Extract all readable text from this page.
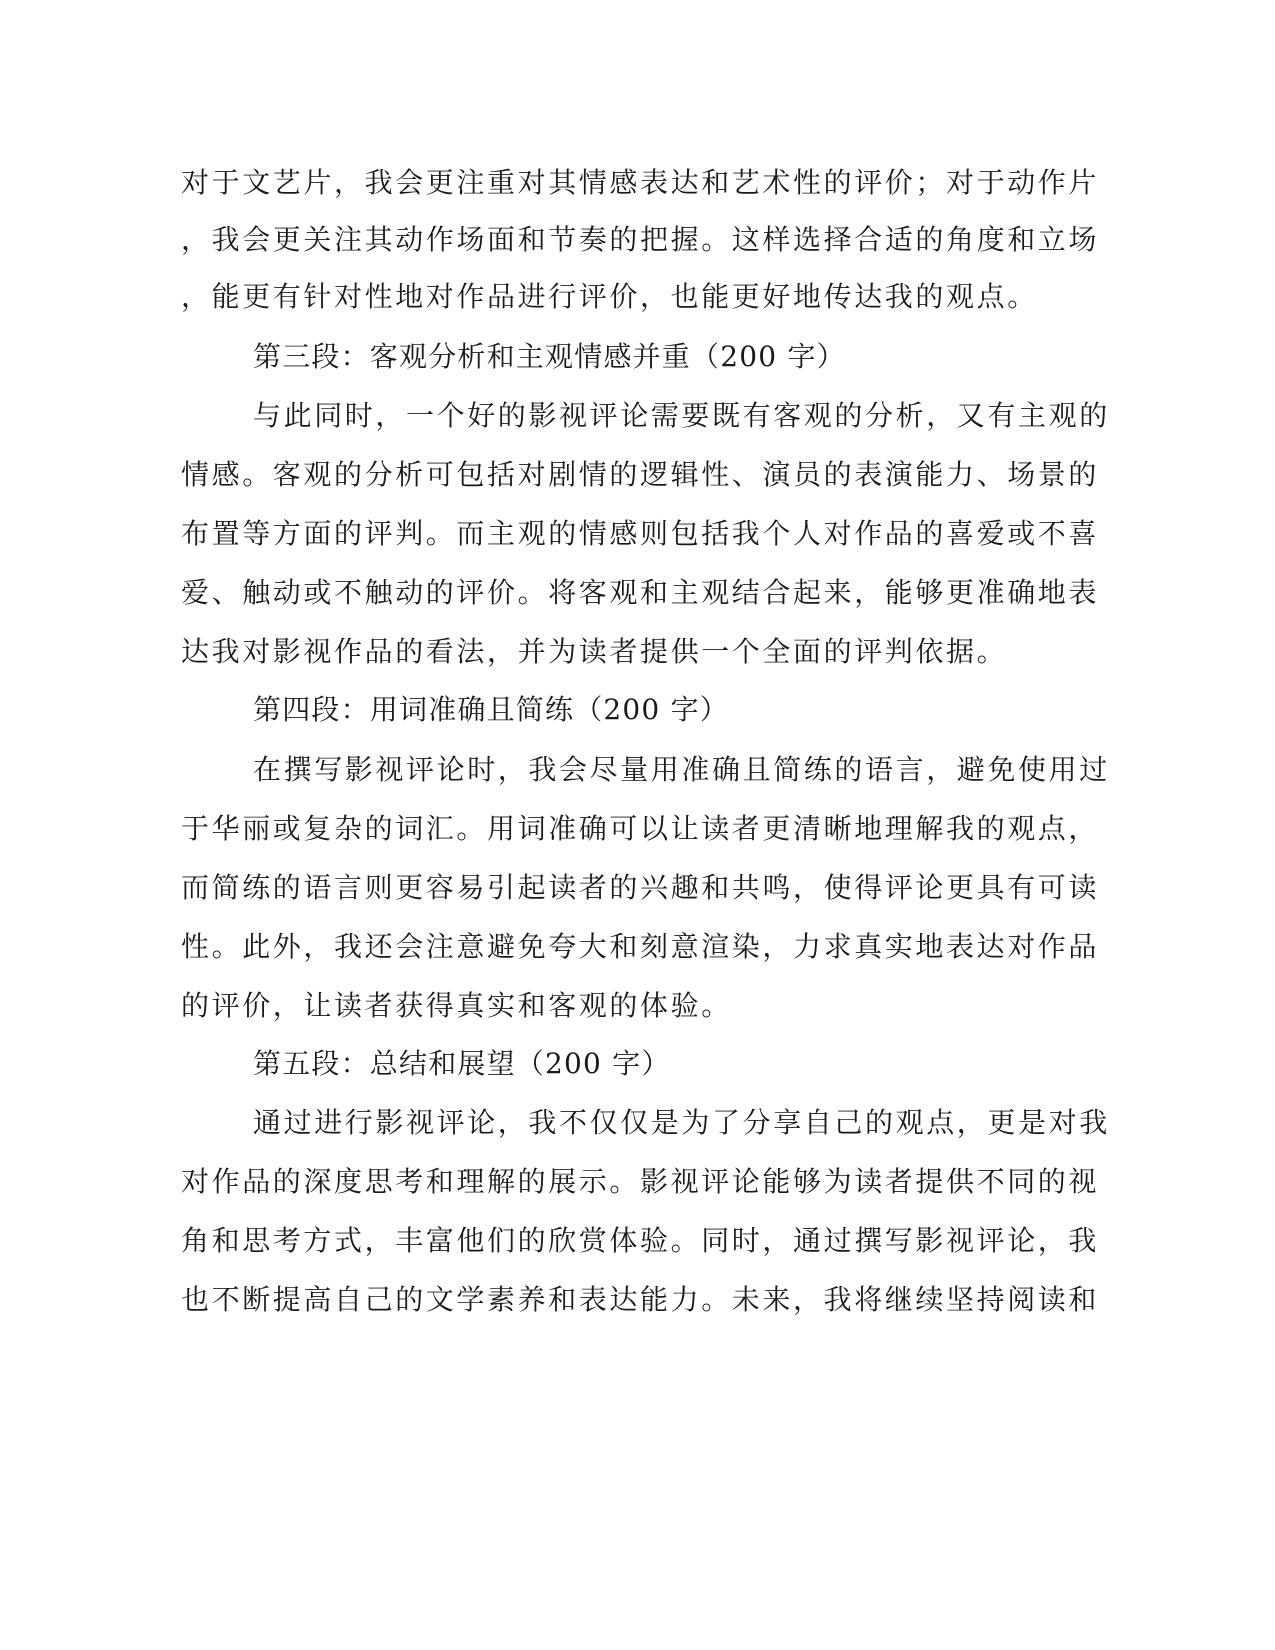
对于文艺片，我会更注重对其情感表达和艺术性的评价；对于动作片
，我会更关注其动作场面和节奏的把握。这样选择合适的角度和立场
，能更有针对性地对作品进行评价，也能更好地传达我的观点。
第三段：客观分析和主观情感并重（200 字）
与此同时，一个好的影视评论需要既有客观的分析，又有主观的
情感。客观的分析可包括对剧情的逻辑性、演员的表演能力、场景的
布置等方面的评判。而主观的情感则包括我个人对作品的喜爱或不喜
爱、触动或不触动的评价。将客观和主观结合起来，能够更准确地表
达我对影视作品的看法，并为读者提供一个全面的评判依据。
第四段：用词准确且简练（200 字）
在撰写影视评论时，我会尽量用准确且简练的语言，避免使用过
于华丽或复杂的词汇。用词准确可以让读者更清晰地理解我的观点，
而简练的语言则更容易引起读者的兴趣和共鸣，使得评论更具有可读
性。此外，我还会注意避免夸大和刻意渲染，力求真实地表达对作品
的评价，让读者获得真实和客观的体验。
第五段：总结和展望（200 字）
通过进行影视评论，我不仅仅是为了分享自己的观点，更是对我
对作品的深度思考和理解的展示。影视评论能够为读者提供不同的视
角和思考方式，丰富他们的欣赏体验。同时，通过撰写影视评论，我
也不断提高自己的文学素养和表达能力。未来，我将继续坚持阅读和
